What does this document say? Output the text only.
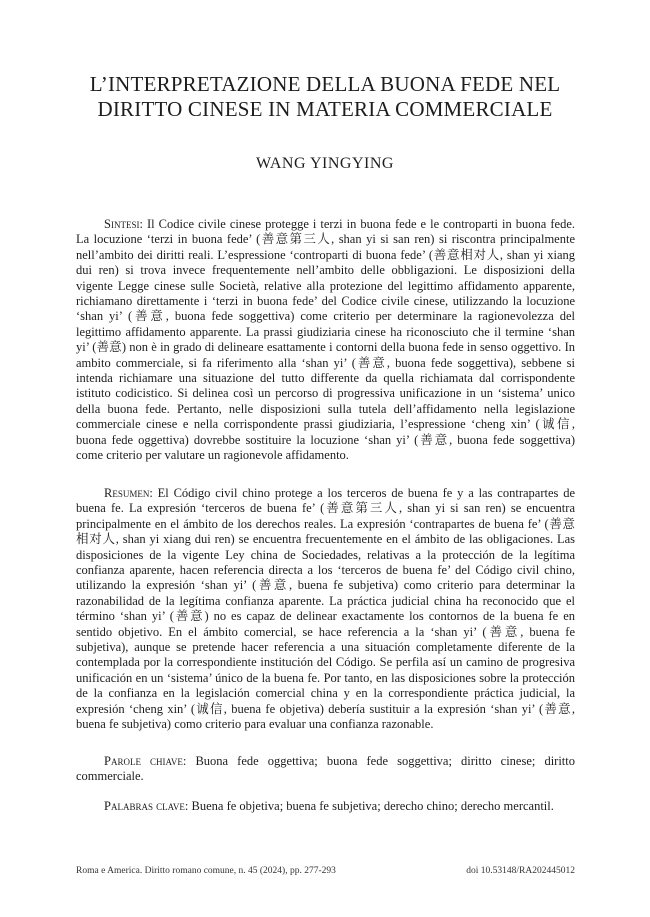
L’INTERPRETAZIONE DELLA BUONA FEDE NEL DIRITTO CINESE IN MATERIA COMMERCIALE
WANG YINGYING

Sintesi: Il Codice civile cinese protegge i terzi in buona fede e le controparti in buona fede. La locuzione ‘terzi in buona fede’ (善意第三人, shan yi si san ren) si riscontra principalmente nell’ambito dei diritti reali. L’espressione ‘controparti di buona fede’ (善意相对人, shan yi xiang dui ren) si trova invece frequentemente nell’ambito delle obbligazioni. Le disposizioni della vigente Legge cinese sulle Società, relative alla protezione del legittimo affidamento apparente, richiamano direttamente i ‘terzi in buona fede’ del Codice civile cinese, utilizzando la locuzione ‘shan yi’ (善意, buona fede soggettiva) come criterio per determinare la ragionevolezza del legittimo affidamento apparente. La prassi giudiziaria cinese ha riconosciuto che il termine ‘shan yi’ (善意) non è in grado di delineare esattamente i contorni della buona fede in senso oggettivo. In ambito commerciale, si fa riferimento alla ‘shan yi’ (善意, buona fede soggettiva), sebbene si intenda richiamare una situazione del tutto differente da quella richiamata dal corrispondente istituto codicistico. Si delinea così un percorso di progressiva unificazione in un ‘sistema’ unico della buona fede. Pertanto, nelle disposizioni sulla tutela dell’affidamento nella legislazione commerciale cinese e nella corrispondente prassi giudiziaria, l’espressione ‘cheng xin’ (诚信, buona fede oggettiva) dovrebbe sostituire la locuzione ‘shan yi’ (善意, buona fede soggettiva) come criterio per valutare un ragionevole affidamento.

Resumen: El Código civil chino protege a los terceros de buena fe y a las contrapartes de buena fe. La expresión ‘terceros de buena fe’ (善意第三人, shan yi si san ren) se encuentra principalmente en el ámbito de los derechos reales. La expresión ‘contrapartes de buena fe’ (善意相对人, shan yi xiang dui ren) se encuentra frecuentemente en el ámbito de las obligaciones. Las disposiciones de la vigente Ley china de Sociedades, relativas a la protección de la legítima confianza aparente, hacen referencia directa a los ‘terceros de buena fe’ del Código civil chino, utilizando la expresión ‘shan yi’ (善意, buena fe subjetiva) como criterio para determinar la razonabilidad de la legítima confianza aparente. La práctica judicial china ha reconocido que el término ‘shan yi’ (善意) no es capaz de delinear exactamente los contornos de la buena fe en sentido objetivo. En el ámbito comercial, se hace referencia a la ‘shan yi’ (善意, buena fe subjetiva), aunque se pretende hacer referencia a una situación completamente diferente de la contemplada por la correspondiente institución del Código. Se perfila así un camino de progresiva unificación en un ‘sistema’ único de la buena fe. Por tanto, en las disposiciones sobre la protección de la confianza en la legislación comercial china y en la correspondiente práctica judicial, la expresión ‘cheng xin’ (诚信, buena fe objetiva) debería sustituir a la expresión ‘shan yi’ (善意, buena fe subjetiva) como criterio para evaluar una confianza razonable.

Parole chiave: Buona fede oggettiva; buona fede soggettiva; diritto cinese; diritto commerciale.

Palabras clave: Buena fe objetiva; buena fe subjetiva; derecho chino; derecho mercantil.

Roma e America. Diritto romano comune, n. 45 (2024), pp. 277-293	doi 10.53148/RA202445012
